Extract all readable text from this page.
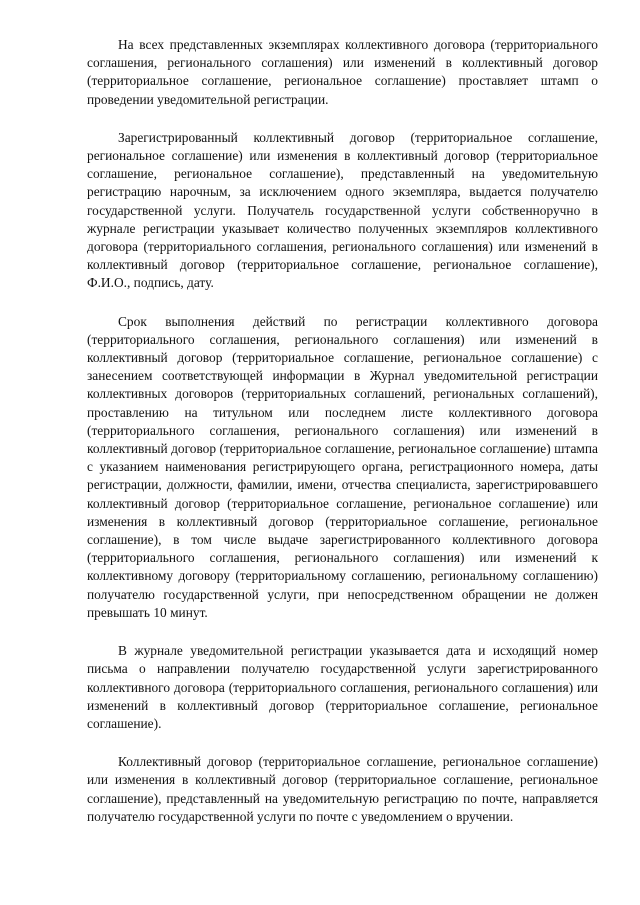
На всех представленных экземплярах коллективного договора (территориального соглашения, регионального соглашения) или изменений в коллективный договор (территориальное соглашение, региональное соглашение) проставляет штамп о проведении уведомительной регистрации.

Зарегистрированный коллективный договор (территориальное соглашение, региональное соглашение) или изменения в коллективный договор (территориальное соглашение, региональное соглашение), представленный на уведомительную регистрацию нарочным, за исключением одного экземпляра, выдается получателю государственной услуги. Получатель государственной услуги собственноручно в журнале регистрации указывает количество полученных экземпляров коллективного договора (территориального соглашения, регионального соглашения) или изменений в коллективный договор (территориальное соглашение, региональное соглашение), Ф.И.О., подпись, дату.

Срок выполнения действий по регистрации коллективного договора (территориального соглашения, регионального соглашения) или изменений в коллективный договор (территориальное соглашение, региональное соглашение) с занесением соответствующей информации в Журнал уведомительной регистрации коллективных договоров (территориальных соглашений, региональных соглашений), проставлению на титульном или последнем листе коллективного договора (территориального соглашения, регионального соглашения) или изменений в коллективный договор (территориальное соглашение, региональное соглашение) штампа с указанием наименования регистрирующего органа, регистрационного номера, даты регистрации, должности, фамилии, имени, отчества специалиста, зарегистрировавшего коллективный договор (территориальное соглашение, региональное соглашение) или изменения в коллективный договор (территориальное соглашение, региональное соглашение), в том числе выдаче зарегистрированного коллективного договора (территориального соглашения, регионального соглашения) или изменений к коллективному договору (территориальному соглашению, региональному соглашению) получателю государственной услуги, при непосредственном обращении не должен превышать 10 минут.

В журнале уведомительной регистрации указывается дата и исходящий номер письма о направлении получателю государственной услуги зарегистрированного коллективного договора (территориального соглашения, регионального соглашения) или изменений в коллективный договор (территориальное соглашение, региональное соглашение).

Коллективный договор (территориальное соглашение, региональное соглашение) или изменения в коллективный договор (территориальное соглашение, региональное соглашение), представленный на уведомительную регистрацию по почте, направляется получателю государственной услуги по почте с уведомлением о вручении.
